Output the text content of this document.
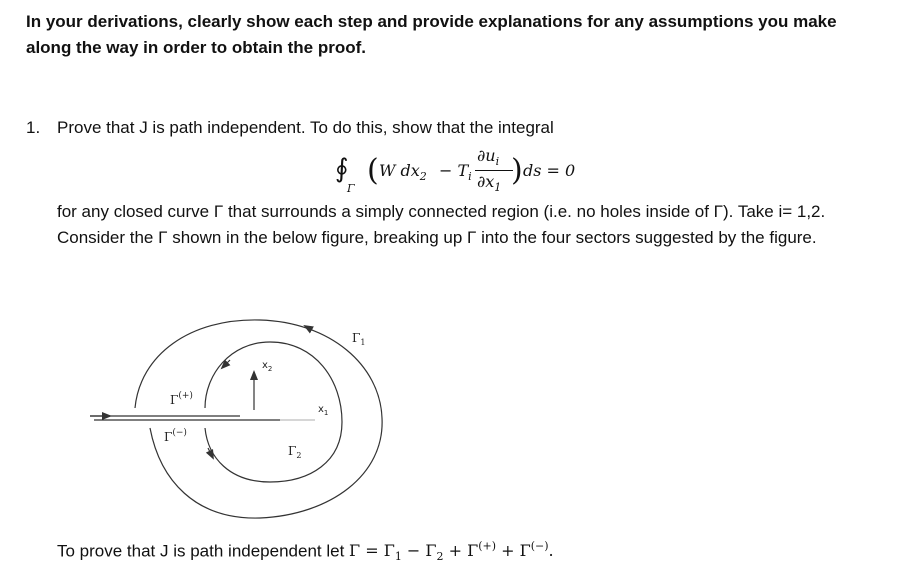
In your derivations, clearly show each step and provide explanations for any assumptions you make along the way in order to obtain the proof.
1. Prove that J is path independent. To do this, show that the integral
∮
Γ
( W $dx_2 - T_i$
$\partial u_i$
$\partial x_1$ ) ds = 0
for any closed curve Γ that surrounds a simply connected region (i.e. no holes inside of Γ). Take i= 1,2. Consider the Γ shown in the below figure, breaking up Γ into the four sectors suggested by the figure.
$\Gamma_1$
$\Gamma_2$
Γ(+)
Γ(−)
$x_2$
$x_1$
To prove that J is path independent let $\Gamma = \Gamma_1 - \Gamma_2 + \Gamma^{(+)} + \Gamma^{(-)}$.
